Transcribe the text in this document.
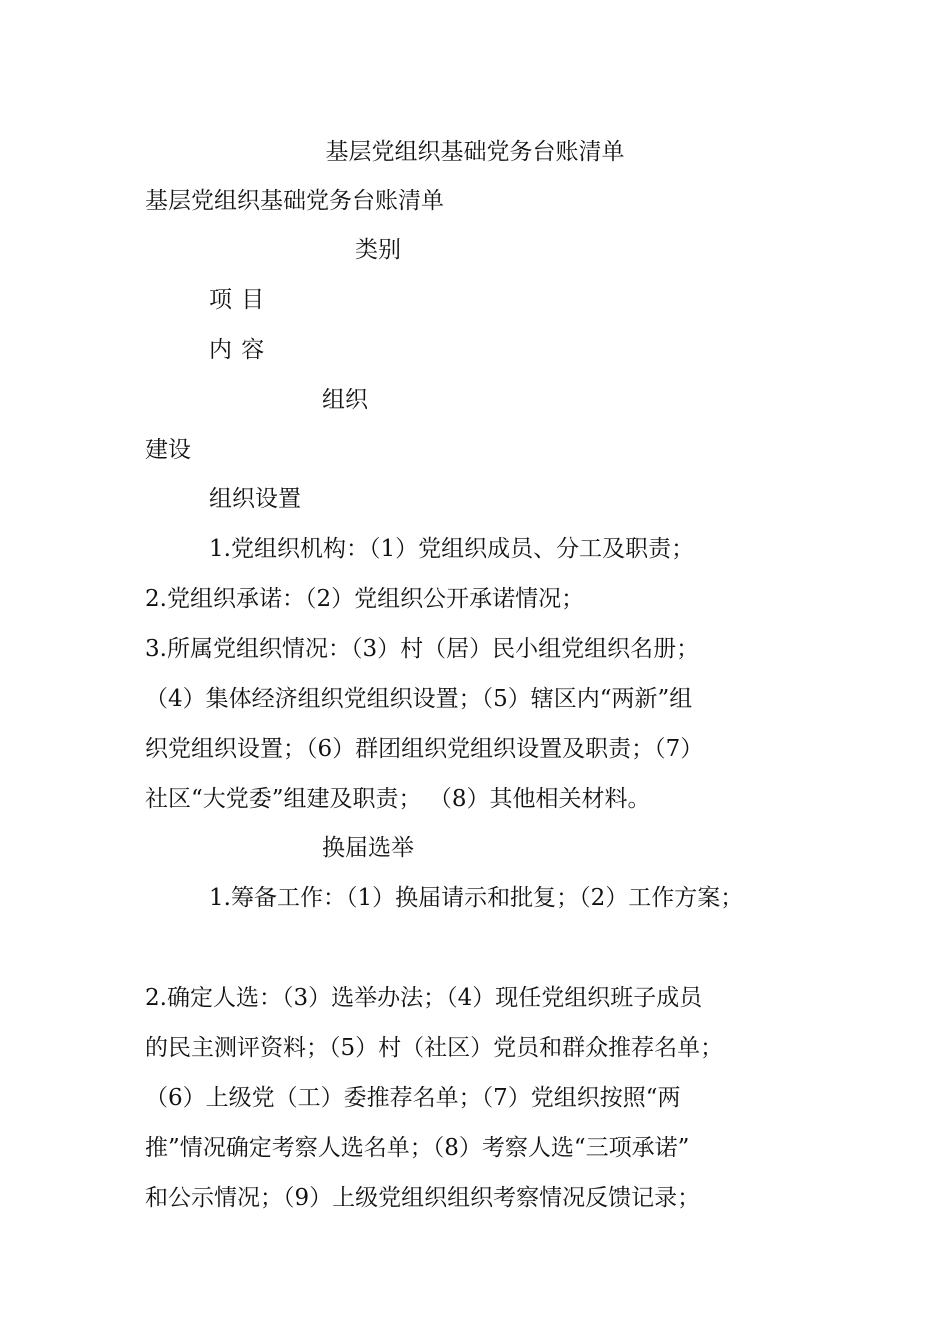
基层党组织基础党务台账清单
基层党组织基础党务台账清单
类别
项 目
内 容
组织
建设
组织设置
1.党组织机构：（1）党组织成员、分工及职责；
2.党组织承诺：（2）党组织公开承诺情况；
3.所属党组织情况：（3）村（居）民小组党组织名册；
（4）集体经济组织党组织设置；（5）辖区内“两新”组
织党组织设置；（6）群团组织党组织设置及职责；（7）
社区“大党委”组建及职责； （8）其他相关材料。
换届选举
1.筹备工作：（1）换届请示和批复；（2）工作方案；
2.确定人选：（3）选举办法；（4）现任党组织班子成员
的民主测评资料；（5）村（社区）党员和群众推荐名单；
（6）上级党（工）委推荐名单；（7）党组织按照“两
推”情况确定考察人选名单；（8）考察人选“三项承诺”
和公示情况；（9）上级党组织组织考察情况反馈记录；
